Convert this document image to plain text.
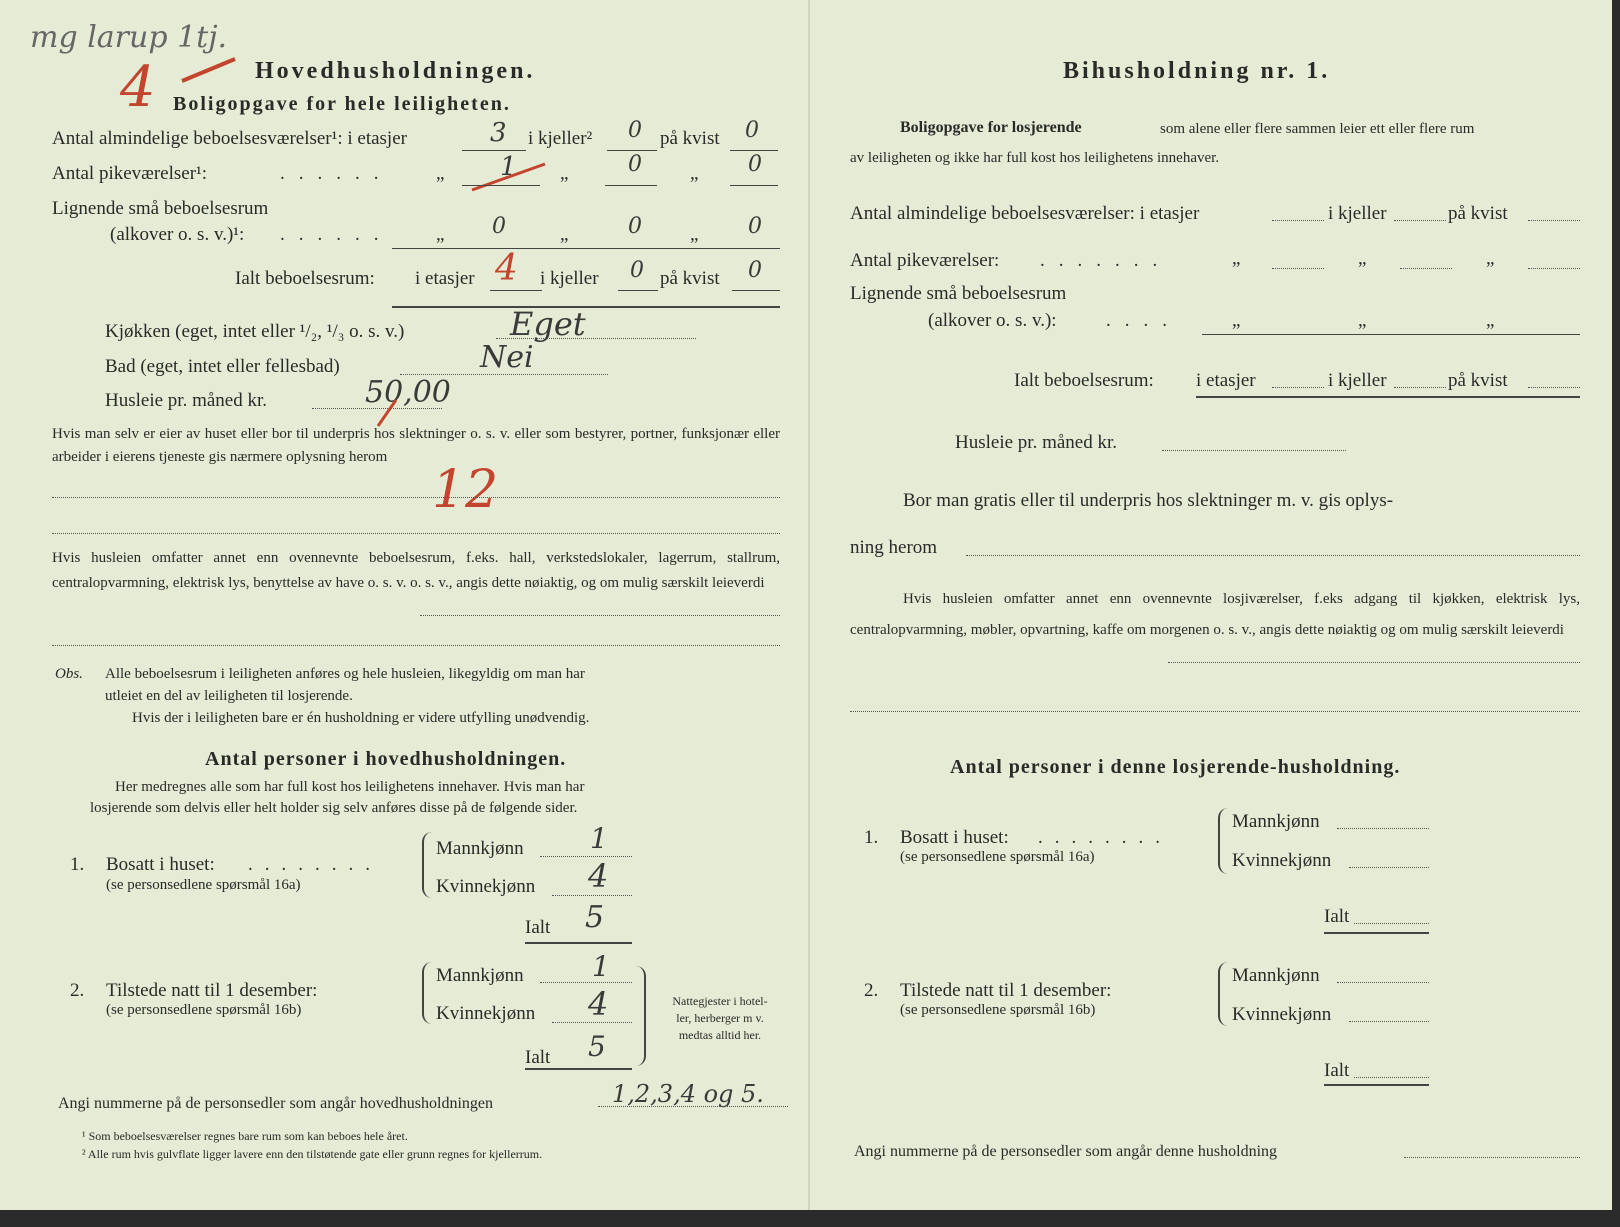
mg larup 1tj.
4	Hovedhusholdningen.
Boligopgave for hele leiligheten.
Antal almindelige beboelsesværelser¹: i etasjer	3 i kjeller² 0 på kvist 0
Antal pikeværelser¹:	...... „ 1 „	0	„ 0
Lignende små beboelsesrum
(alkover o. s. v.)¹: ...... „ 0	„	0	„ 0
Ialt beboelsesrum: i etasjer 4 i kjeller 0 på kvist 0
Kjøkken (eget, intet eller ¹/₂, ¹/₃ o. s. v.)	Eget
Bad (eget, intet eller fellesbad)	Nei
Husleie pr. måned kr.	50,00
Hvis man selv er eier av huset eller bor til underpris hos slektninger o. s. v. eller som bestyrer, portner, funksjonær eller arbeider i eierens tjeneste gis nærmere oplysning herom
12
Hvis husleien omfatter annet enn ovennevnte beboelsesrum, f.eks. hall, verkstedslokaler, lagerrum, stallrum, centralopvarmning, elektrisk lys, benyttelse av have o. s. v. o. s. v., angis dette nøiaktig, og om mulig særskilt leieverdi
Obs. Alle beboelsesrum i leiligheten anføres og hele husleien, likegyldig om man har
utleiet en del av leiligheten til losjerende.
Hvis der i leiligheten bare er én husholdning er videre utfylling unødvendig.
Antal personer i hovedhusholdningen.
Her medregnes alle som har full kost hos leilighetens innehaver. Hvis man har
losjerende som delvis eller helt holder sig selv anføres disse på de følgende sider.
1. Bosatt i huset: ........
(se personsedlene spørsmål 16a)
Mannkjønn 1
Kvinnekjønn 4
Ialt 5
2. Tilstede natt til 1 desember:
(se personsedlene spørsmål 16b)
Mannkjønn 1
Kvinnekjønn 4
Ialt 5
Nattegjester i hotel-
ler, herberger m v.
medtas alltid her.
Angi nummerne på de personsedler som angår hovedhusholdningen	1,2,3,4 og 5.
¹ Som beboelsesværelser regnes bare rum som kan beboes hele året.
² Alle rum hvis gulvflate ligger lavere enn den tilstøtende gate eller grunn regnes for kjellerrum.
Bihusholdning nr. 1.
Boligopgave for losjerende	som alene eller flere sammen leier ett eller flere rum
av leiligheten og ikke har full kost hos leilighetens innehaver.
Antal almindelige beboelsesværelser: i etasjer	i kjeller	på kvist
Antal pikeværelser: .......	„	„	„
Lignende små beboelsesrum
(alkover o. s. v.):	....	„	„	„
Ialt beboelsesrum: i etasjer	i kjeller	på kvist
Husleie pr. måned kr.
Bor man gratis eller til underpris hos slektninger m. v. gis oplys-
ning herom
Hvis husleien omfatter annet enn ovennevnte losjiværelser, f.eks adgang til kjøkken, elektrisk lys, centralopvarmning, møbler, opvartning, kaffe om morgenen o. s. v., angis dette nøiaktig og om mulig særskilt leieverdi
Antal personer i denne losjerende-husholdning.
1. Bosatt i huset: ........
(se personsedlene spørsmål 16a)
Mannkjønn
Kvinnekjønn
Ialt
2. Tilstede natt til 1 desember:
(se personsedlene spørsmål 16b)
Mannkjønn
Kvinnekjønn
Ialt
Angi nummerne på de personsedler som angår denne husholdning
